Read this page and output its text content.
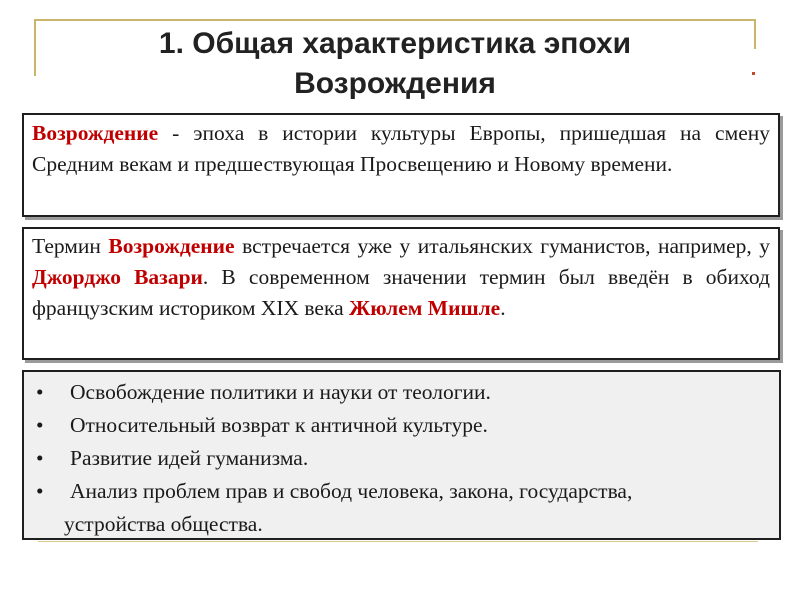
1. Общая характеристика эпохи
Возрождения
Возрождение - эпоха в истории культуры Европы, пришедшая на смену Средним векам и предшествующая Просвещению и Новому времени.
Термин Возрождение встречается уже у итальянских гуманистов, например, у Джорджо Вазари. В современном значении термин был введён в обиход французским историком XIX века Жюлем Мишле.
• Освобождение политики и науки от теологии.
• Относительный возврат к античной культуре.
• Развитие идей гуманизма.
• Анализ проблем прав и свобод человека, закона, государства,
устройства общества.
